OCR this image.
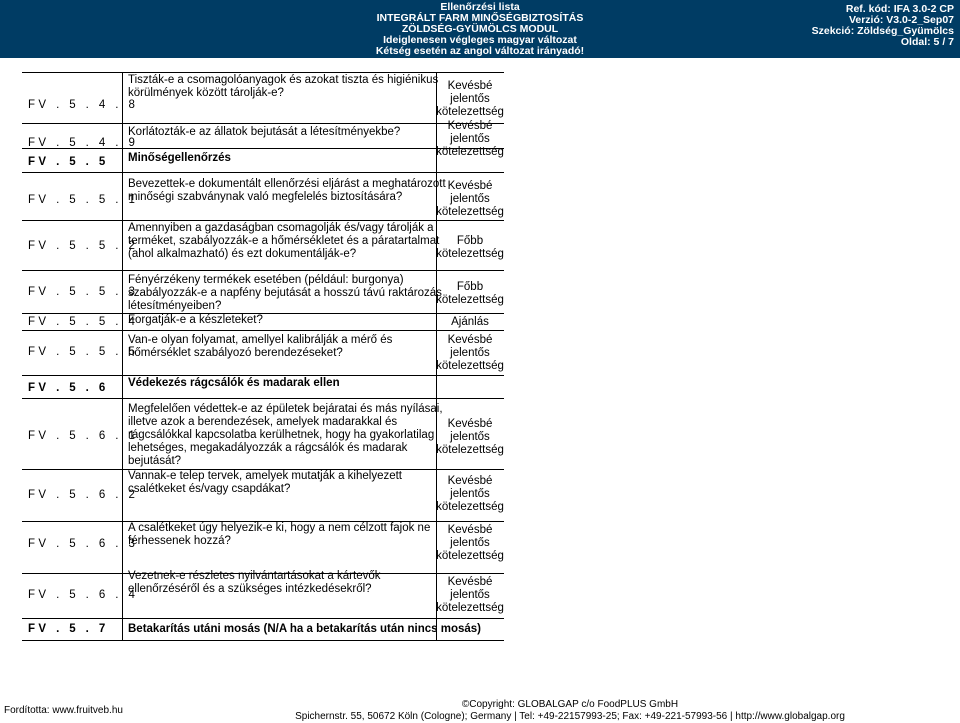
Ellenőrzési lista
INTEGRÁLT FARM MINŐSÉGBIZTOSÍTÁS
ZÖLDSÉG-GYÜMÖLCS MODUL
Ideiglenesen végleges magyar változat
Kétség esetén az angol változat irányadó!
Ref. kód: IFA 3.0-2 CP
Verzió: V3.0-2_Sep07
Szekció: Zöldség_Gyümölcs
Oldal: 5 / 7
FV . 5 . 4 . 8
Tiszták-e a csomagolóanyagok és azokat tiszta és higiénikus
körülmények között tárolják-e?
Kevésbé
jelentős
kötelezettség
FV . 5 . 4 . 9
Korlátozták-e az állatok bejutását a létesítményekbe?	Kevésbé
jelentős
kötelezettség
FV . 5 . 5 Minőségellenőrzés
FV . 5 . 5 . 1
Bevezettek-e dokumentált ellenőrzési eljárást a meghatározott
minőségi szabványnak való megfelelés biztosítására?
Kevésbé
jelentős
kötelezettség
FV . 5 . 5 . 2
Amennyiben a gazdaságban csomagolják és/vagy tárolják a
terméket, szabályozzák-e a hőmérsékletet és a páratartalmat
(ahol alkalmazható) és ezt dokumentálják-e?
Főbb
kötelezettség
FV . 5 . 5 . 3
Fényérzékeny termékek esetében (például: burgonya)
szabályozzák-e a napfény bejutását a hosszú távú raktározás
létesítményeiben?
Főbb
kötelezettség
FV . 5 . 5 . 4
Forgatják-e a készleteket?	Ajánlás
FV . 5 . 5 . 5
Van-e olyan folyamat, amellyel kalibrálják a mérő és
hőmérséklet szabályozó berendezéseket?
Kevésbé
jelentős
kötelezettség
FV . 5 . 6 Védekezés rágcsálók és madarak ellen
FV . 5 . 6 . 1
Megfelelően védettek-e az épületek bejáratai és más nyílásai,
illetve azok a berendezések, amelyek madarakkal és
rágcsálókkal kapcsolatba kerülhetnek, hogy ha gyakorlatilag
lehetséges, megakadályozzák a rágcsálók és madarak
bejutását?
Kevésbé
jelentős
kötelezettség
FV . 5 . 6 . 2
Vannak-e telep tervek, amelyek mutatják a kihelyezett
csalétkeket és/vagy csapdákat?
Kevésbé
jelentős
kötelezettség
FV . 5 . 6 . 3
A csalétkeket úgy helyezik-e ki, hogy a nem célzott fajok ne
férhessenek hozzá?
Kevésbé
jelentős
kötelezettség
FV . 5 . 6 . 4
Vezetnek-e részletes nyilvántartásokat a kártevők
ellenőrzéséről és a szükséges intézkedésekről?
Kevésbé
jelentős
kötelezettség
FV . 5 . 7 Betakarítás utáni mosás (N/A ha a betakarítás után nincs mosás)
Fordította: www.fruitveb.hu
©Copyright: GLOBALGAP c/o FoodPLUS GmbH
Spichernstr. 55, 50672 Köln (Cologne); Germany | Tel: +49-22157993-25; Fax: +49-221-57993-56 | http://www.globalgap.org
